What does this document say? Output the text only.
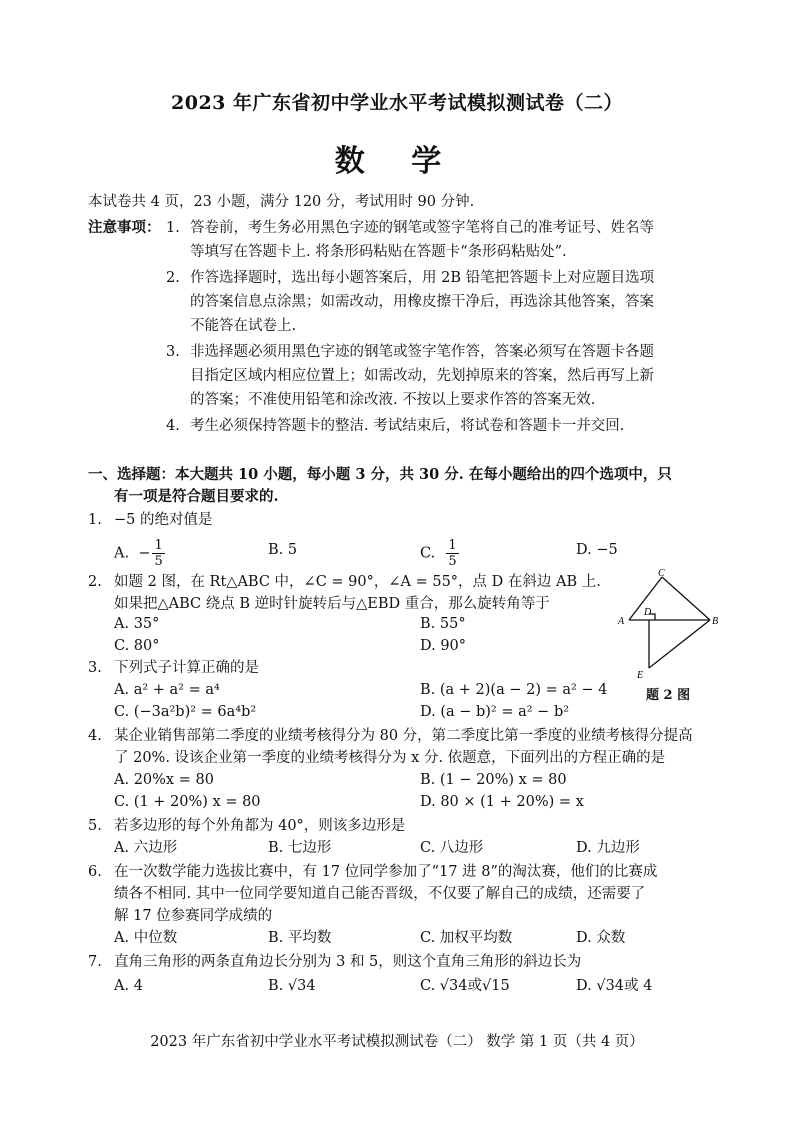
2023 年广东省初中学业水平考试模拟测试卷（二）
数 学
本试卷共 4 页，23 小题，满分 120 分，考试用时 90 分钟.
注意事项： 1. 答卷前，考生务必用黑色字迹的钢笔或签字笔将自己的准考证号、姓名等
等填写在答题卡上. 将条形码粘贴在答题卡“条形码粘贴处”.
2. 作答选择题时，选出每小题答案后，用 2B 铅笔把答题卡上对应题目选项
的答案信息点涂黑；如需改动，用橡皮擦干净后，再选涂其他答案，答案
不能答在试卷上.
3. 非选择题必须用黑色字迹的钢笔或签字笔作答，答案必须写在答题卡各题
目指定区域内相应位置上；如需改动，先划掉原来的答案，然后再写上新
的答案；不准使用铅笔和涂改液. 不按以上要求作答的答案无效.
4. 考生必须保持答题卡的整洁. 考试结束后，将试卷和答题卡一并交回.
一、选择题：本大题共 10 小题，每小题 3 分，共 30 分. 在每小题给出的四个选项中，只
有一项是符合题目要求的.
1. −5 的绝对值是
A. − $\frac{1}{5}$	B. 5	C. $\frac{1}{5}$	D. −5
2. 如题 2 图，在 Rt△ABC 中，∠C = 90°，∠A = 55°，点 D 在斜边 AB 上.
如果把△ABC 绕点 B 逆时针旋转后与△EBD 重合，那么旋转角等于
A. 35°	B. 55°
C. 80°	D. 90°
C
D
A	B
E
题 2 图
3. 下列式子计算正确的是
A. a² + a² = a⁴	B. (a + 2)(a − 2) = a² − 4
C. (−3a²b)² = 6a⁴b²	D. (a − b)² = a² − b²
4. 某企业销售部第二季度的业绩考核得分为 80 分，第二季度比第一季度的业绩考核得分提高
了 20%. 设该企业第一季度的业绩考核得分为 x 分. 依题意，下面列出的方程正确的是
A. 20%x = 80	B. (1 − 20%) x = 80
C. (1 + 20%) x = 80	D. 80 × (1 + 20%) = x
5. 若多边形的每个外角都为 40°，则该多边形是
A. 六边形	B. 七边形	C. 八边形	D. 九边形
6. 在一次数学能力选拔比赛中，有 17 位同学参加了“17 进 8”的淘汰赛，他们的比赛成
绩各不相同. 其中一位同学要知道自己能否晋级，不仅要了解自己的成绩，还需要了
解 17 位参赛同学成绩的
A. 中位数	B. 平均数	C. 加权平均数	D. 众数
7. 直角三角形的两条直角边长分别为 3 和 5，则这个直角三角形的斜边长为
A. 4	B. √34	C. √34或√15	D. √34或 4
2023 年广东省初中学业水平考试模拟测试卷（二） 数学 第 1 页（共 4 页）
